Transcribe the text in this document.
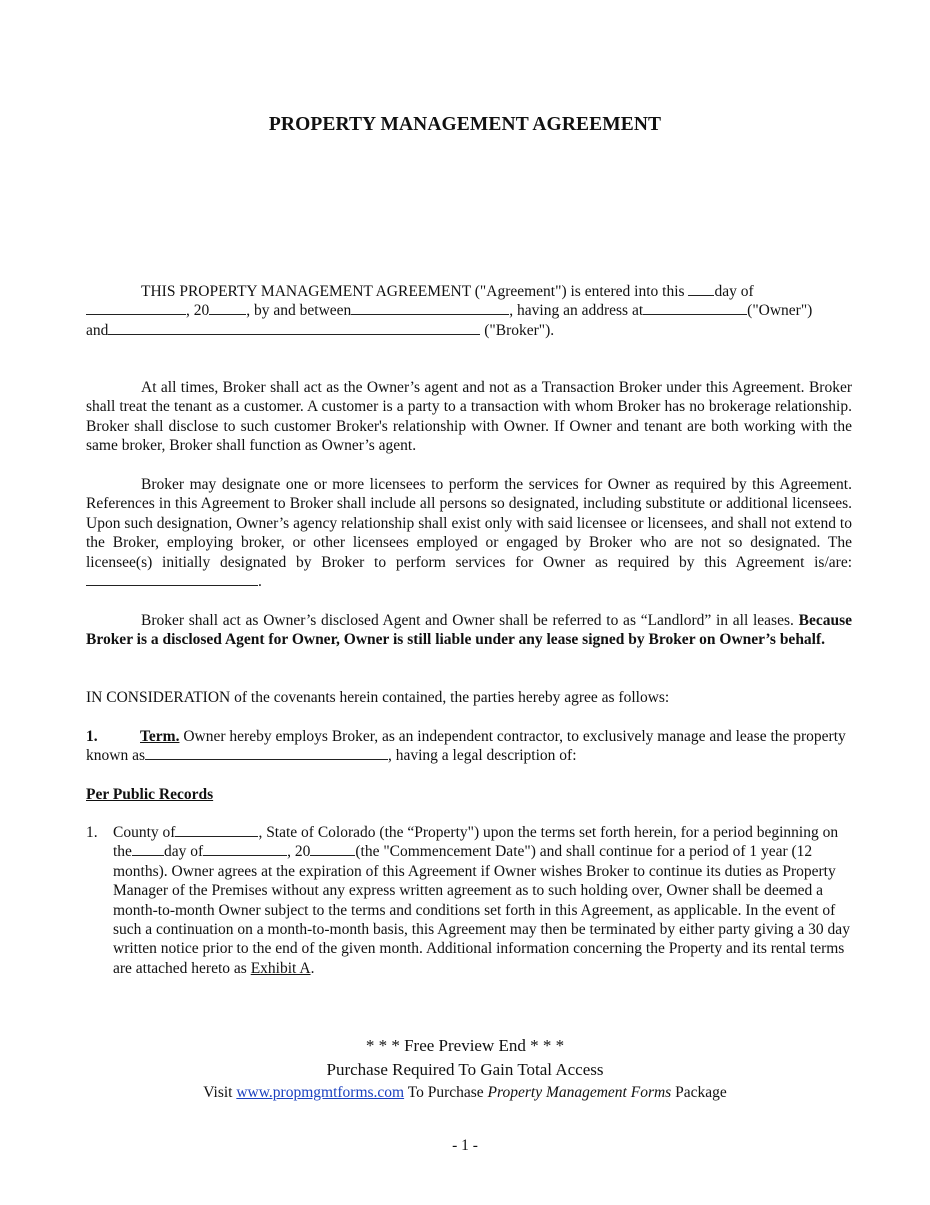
PROPERTY MANAGEMENT AGREEMENT

THIS PROPERTY MANAGEMENT AGREEMENT ("Agreement") is entered into this day of
, 20 , by and between	, having an address at	("Owner")
and	("Broker").

At all times, Broker shall act as the Owner’s agent and not as a Transaction Broker under this Agreement. Broker shall treat the tenant as a customer. A customer is a party to a transaction with whom Broker has no brokerage relationship. Broker shall disclose to such customer Broker's relationship with Owner. If Owner and tenant are both working with the same broker, Broker shall function as Owner’s agent.

Broker may designate one or more licensees to perform the services for Owner as required by this Agreement. References in this Agreement to Broker shall include all persons so designated, including substitute or additional licensees. Upon such designation, Owner’s agency relationship shall exist only with said licensee or licensees, and shall not extend to the Broker, employing broker, or other licensees employed or engaged by Broker who are not so designated. The licensee(s) initially designated by Broker to perform services for Owner as required by this Agreement is/are: .

Broker shall act as Owner’s disclosed Agent and Owner shall be referred to as “Landlord” in all leases. Because Broker is a disclosed Agent for Owner, Owner is still liable under any lease signed by Broker on Owner’s behalf.

IN CONSIDERATION of the covenants herein contained, the parties hereby agree as follows:

1.	Term. Owner hereby employs Broker, as an independent contractor, to exclusively manage and lease the property known as	, having a legal description of:

Per Public Records

1. County of	, State of Colorado (the “Property") upon the terms set forth herein, for a period beginning on the day of	, 20	(the "Commencement Date") and shall continue for a period of 1 year (12 months). Owner agrees at the expiration of this Agreement if Owner wishes Broker to continue its duties as Property Manager of the Premises without any express written agreement as to such holding over, Owner shall be deemed a month-to-month Owner subject to the terms and conditions set forth in this Agreement, as applicable. In the event of such a continuation on a month-to-month basis, this Agreement may then be terminated by either party giving a 30 day written notice prior to the end of the given month. Additional information concerning the Property and its rental terms are attached hereto as Exhibit A.

* * * Free Preview End * * *
Purchase Required To Gain Total Access
Visit www.propmgmtforms.com To Purchase Property Management Forms Package
- 1 -
